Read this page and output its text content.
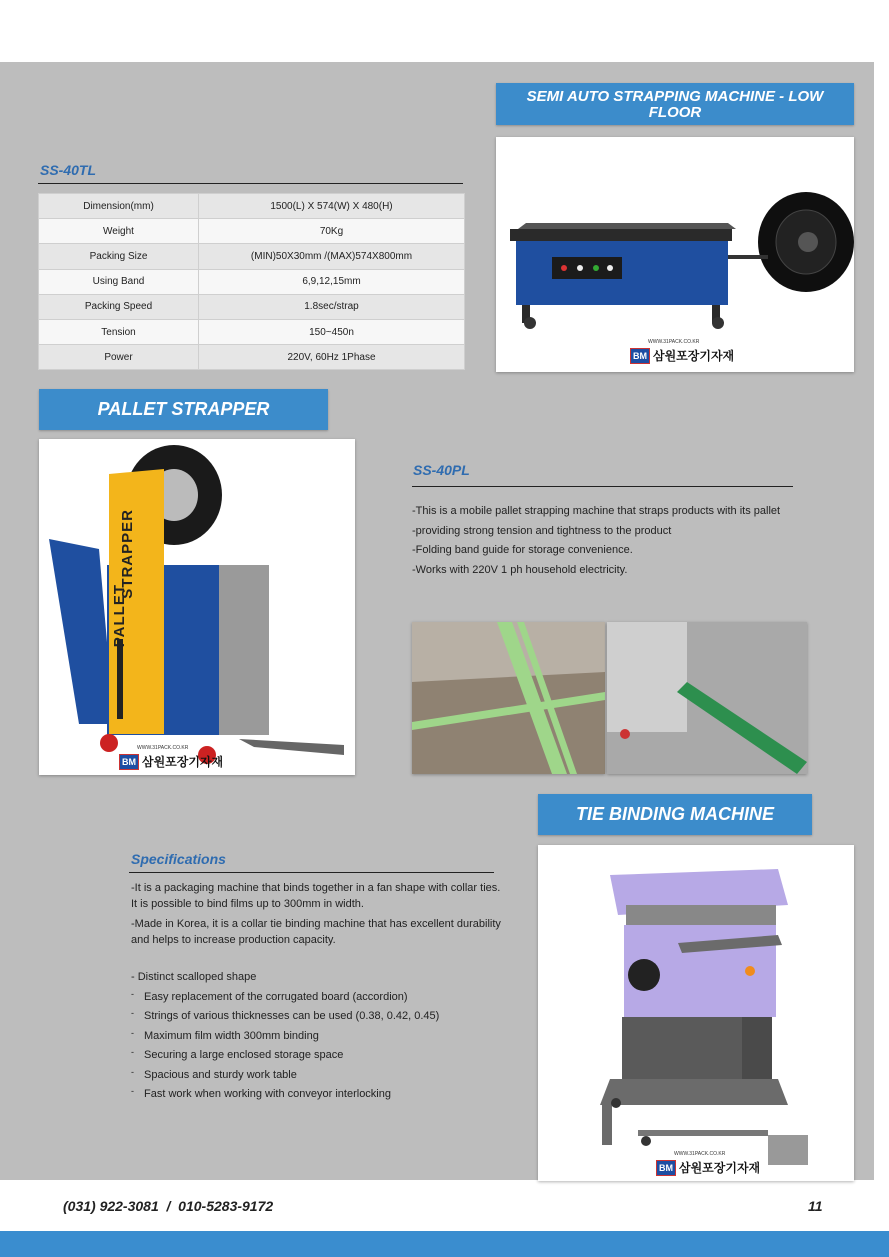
SEMI AUTO STRAPPING MACHINE - LOW FLOOR
SS-40TL
Dimension(mm)	1500(L) X 574(W) X 480(H)
Weight	70Kg
Packing Size	(MIN)50X30mm /(MAX)574X800mm
Using Band	6,9,12,15mm
Packing Speed	1.8sec/strap
Tension	150~450n
Power	220V, 60Hz 1Phase
WWW.31PACK.CO.KR
BM 삼원포장기자재
PALLET STRAPPER
STRAPPER
PALLET
WWW.31PACK.CO.KR
BM 삼원포장기자재
SS-40PL

-This is a mobile pallet strapping machine that straps products with its pallet

-providing strong tension and tightness to the product

-Folding band guide for storage convenience.

-Works with 220V 1 ph household electricity.

TIE BINDING MACHINE
Specifications

-It is a packaging machine that binds together in a fan shape with collar ties. It is possible to bind films up to 300mm in width.

-Made in Korea, it is a collar tie binding machine that has excellent durability and helps to increase production capacity.

- Distinct scalloped shape

- Easy replacement of the corrugated board (accordion)
- Strings of various thicknesses can be used (0.38, 0.42, 0.45)
- Maximum film width 300mm binding
- Securing a large enclosed storage space
- Spacious and sturdy work table
- Fast work when working with conveyor interlocking
WWW.31PACK.CO.KR
BM 삼원포장기자재
(031) 922-3081  /  010-5283-9172	11
